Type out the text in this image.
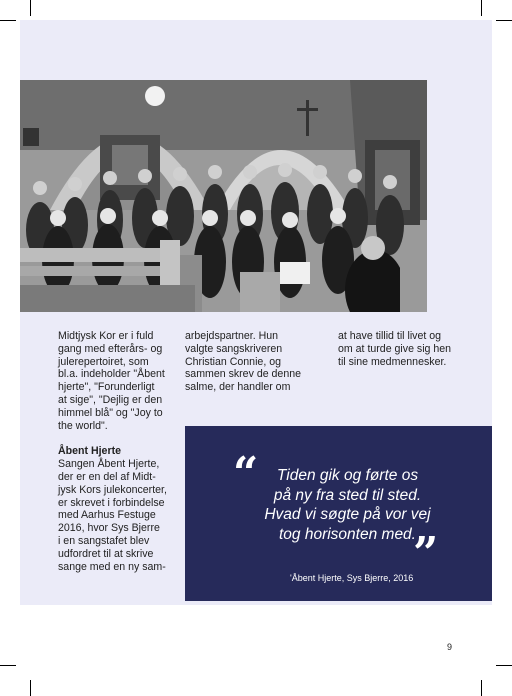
Midtjysk Kor er i fuld
gang med efterårs- og
julerepertoiret, som
bl.a. indeholder "Åbent
hjerte", "Forunderligt
at sige", "Dejlig er den
himmel blå" og "Joy to
the world".

Åbent Hjerte

Sangen Åbent Hjerte,
der er en del af Midt-
jysk Kors julekoncerter,
er skrevet i forbindelse
med Aarhus Festuge
2016, hvor Sys Bjerre
i en sangstafet blev
udfordret til at skrive
sange med en ny sam-

arbejdspartner. Hun
valgte sangskriveren
Christian Connie, og
sammen skrev de denne
salme, der handler om

at have tillid til livet og
om at turde give sig hen
til sine medmennesker.

“	Tiden gik og førte os
på ny fra sted til sted.
Hvad vi søgte på vor vej
tog horisonten med.
”
'Åbent Hjerte, Sys Bjerre, 2016
9
